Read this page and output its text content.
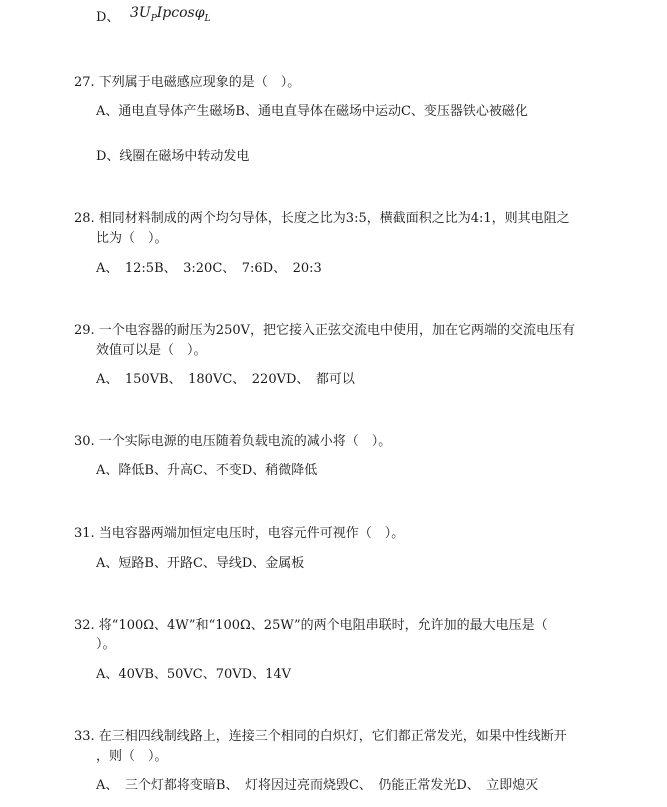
D、 $3U_PIpcos\varphi_L$
27. 下列属于电磁感应现象的是（　）。
A、通电直导体产生磁场B、通电直导体在磁场中运动C、变压器铁心被磁化
D、线圈在磁场中转动发电
28. 相同材料制成的两个均匀导体，长度之比为3:5，横截面积之比为4:1，则其电阻之
比为（　）。
A、　12:5B、　3:20C、　7:6D、　20:3
29. 一个电容器的耐压为250V，把它接入正弦交流电中使用，加在它两端的交流电压有
效值可以是（　）。
A、　150VB、　180VC、　220VD、　都可以
30. 一个实际电源的电压随着负载电流的减小将（　）。
A、降低B、升高C、不变D、稍微降低
31. 当电容器两端加恒定电压时，电容元件可视作（　）。
A、短路B、开路C、导线D、金属板
32. 将“100Ω、4W”和“100Ω、25W”的两个电阻串联时，允许加的最大电压是（
）。
A、40VB、50VC、70VD、14V
33. 在三相四线制线路上，连接三个相同的白炽灯，它们都正常发光，如果中性线断开
，则（　）。
A、　三个灯都将变暗B、　灯将因过亮而烧毁C、　仍能正常发光D、　立即熄灭
